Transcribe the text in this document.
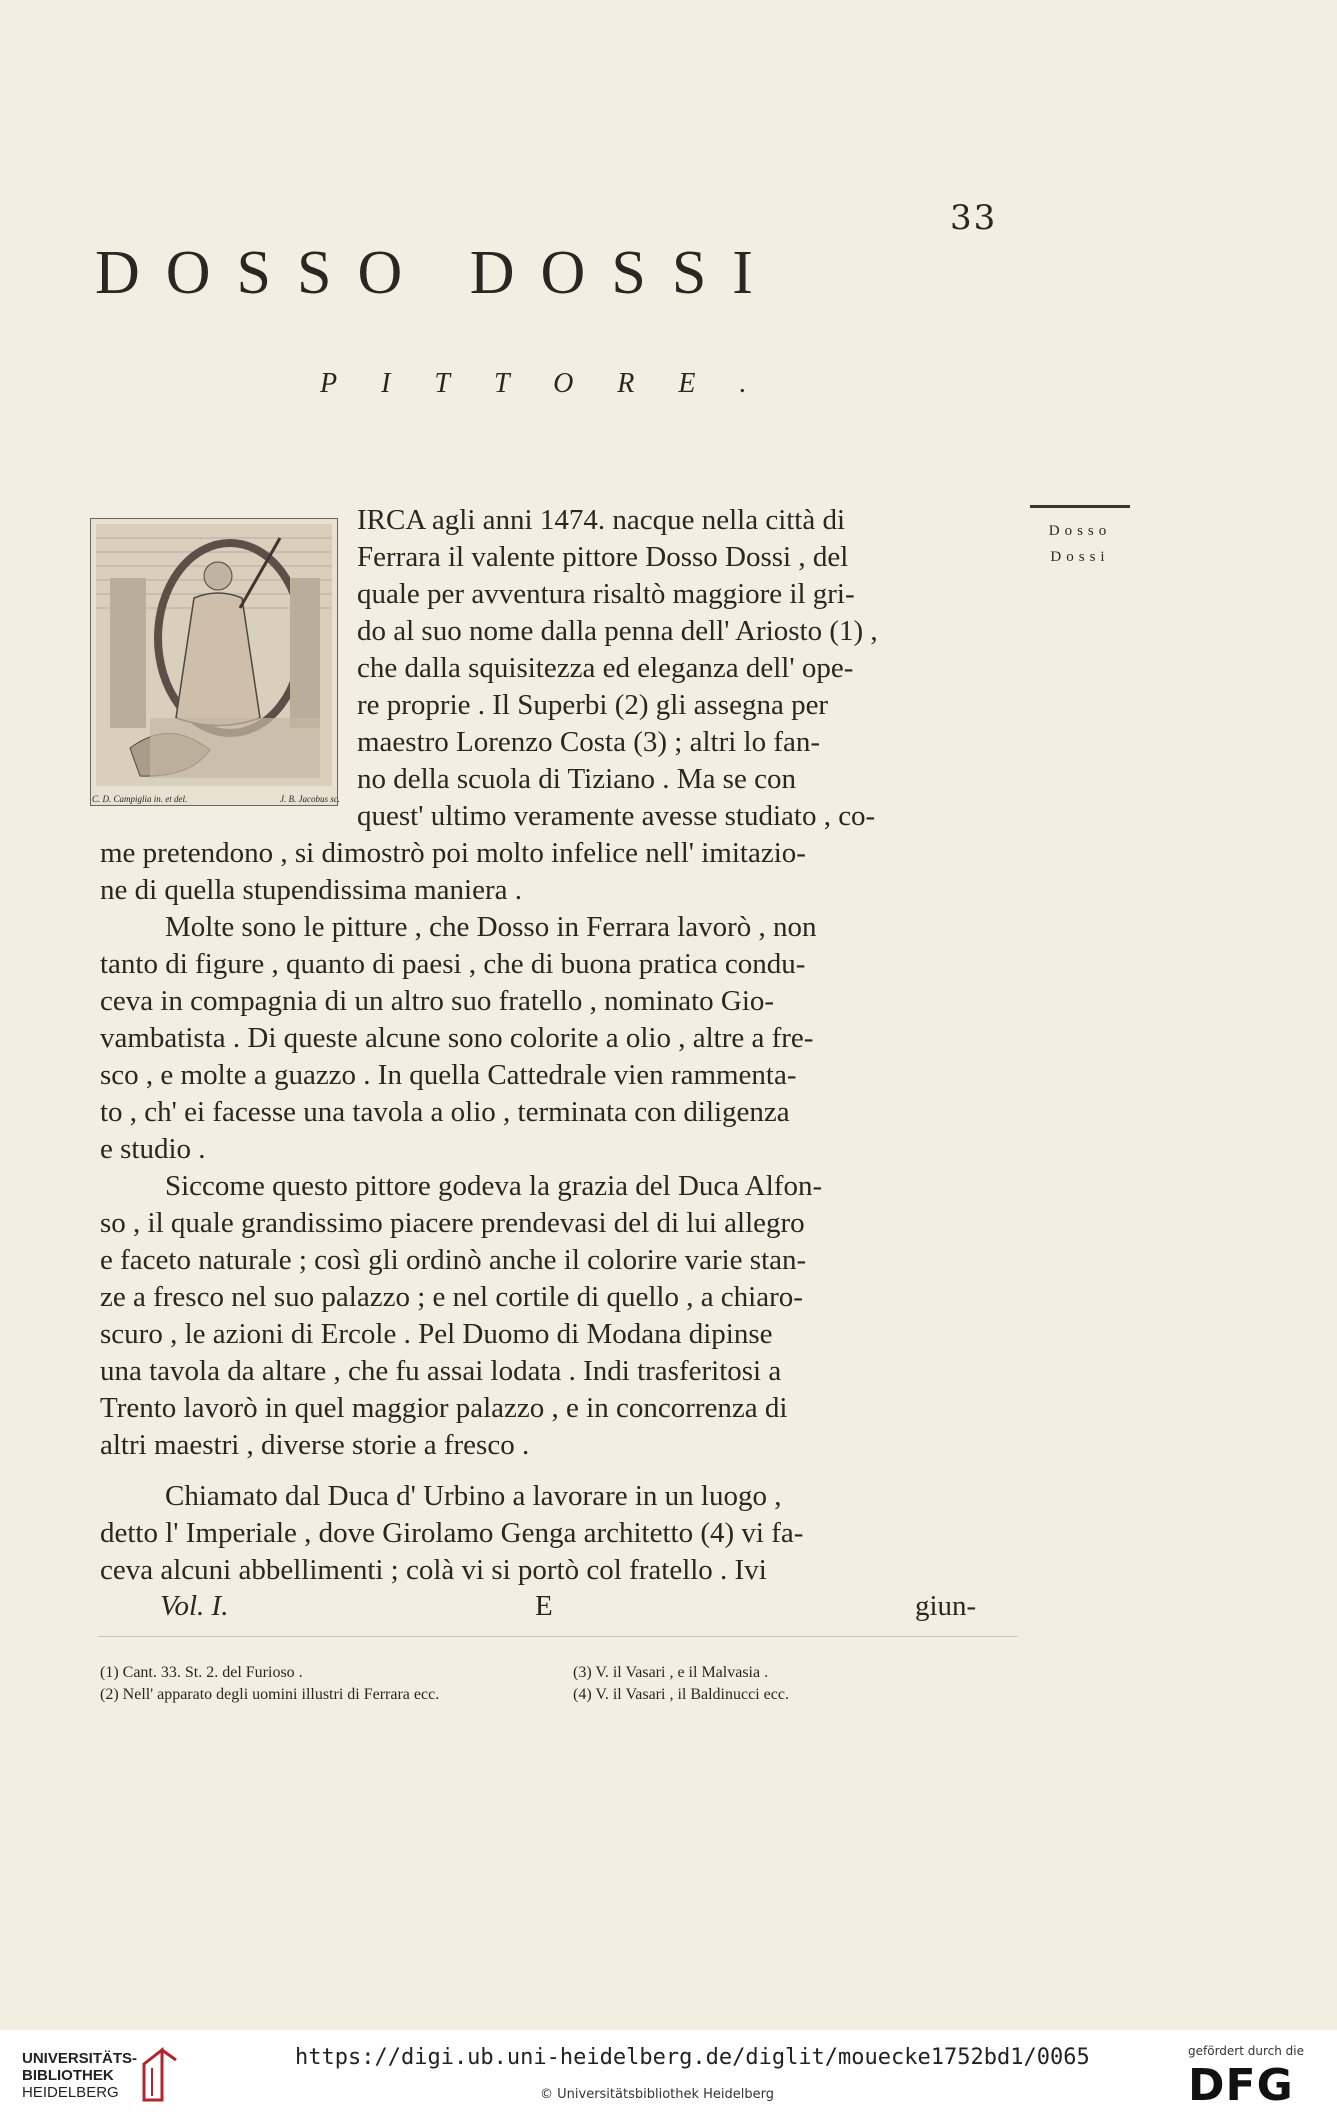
33
DOSSO DOSSI
PITTORE.
C. D. Campiglia in. et del.	J. B. Jacobus sc.
Dosso
Dossi
IRCA agli anni 1474. nacque nella città di
Ferrara il valente pittore Dosso Dossi , del
quale per avventura risaltò maggiore il gri-
do al suo nome dalla penna dell' Ariosto (1) ,
che dalla squisitezza ed eleganza dell' ope-
re proprie . Il Superbi (2) gli assegna per
maestro Lorenzo Costa (3) ; altri lo fan-
no della scuola di Tiziano . Ma se con
quest' ultimo veramente avesse studiato , co-
me pretendono , si dimostrò poi molto infelice nell' imitazio-
ne di quella stupendissima maniera .
Molte sono le pitture , che Dosso in Ferrara lavorò , non
tanto di figure , quanto di paesi , che di buona pratica condu-
ceva in compagnia di un altro suo fratello , nominato Gio-
vambatista . Di queste alcune sono colorite a olio , altre a fre-
sco , e molte a guazzo . In quella Cattedrale vien rammenta-
to , ch' ei facesse una tavola a olio , terminata con diligenza
e studio .
Siccome questo pittore godeva la grazia del Duca Alfon-
so , il quale grandissimo piacere prendevasi del di lui allegro
e faceto naturale ; così gli ordinò anche il colorire varie stan-
ze a fresco nel suo palazzo ; e nel cortile di quello , a chiaro-
scuro , le azioni di Ercole . Pel Duomo di Modana dipinse
una tavola da altare , che fu assai lodata . Indi trasferitosi a
Trento lavorò in quel maggior palazzo , e in concorrenza di
altri maestri , diverse storie a fresco .
Chiamato dal Duca d' Urbino a lavorare in un luogo ,
detto l' Imperiale , dove Girolamo Genga architetto (4) vi fa-
ceva alcuni abbellimenti ; colà vi si portò col fratello . Ivi
Vol. I.	E	giun-
(1) Cant. 33. St. 2. del Furioso .
(2) Nell' apparato degli uomini illustri di Ferrara ecc.
(3) V. il Vasari , e il Malvasia .
(4) V. il Vasari , il Baldinucci ecc.
UNIVERSITÄTS-
BIBLIOTHEK
HEIDELBERG
https://digi.ub.uni-heidelberg.de/diglit/mouecke1752bd1/0065
© Universitätsbibliothek Heidelberg
gefördert durch die
DFG
